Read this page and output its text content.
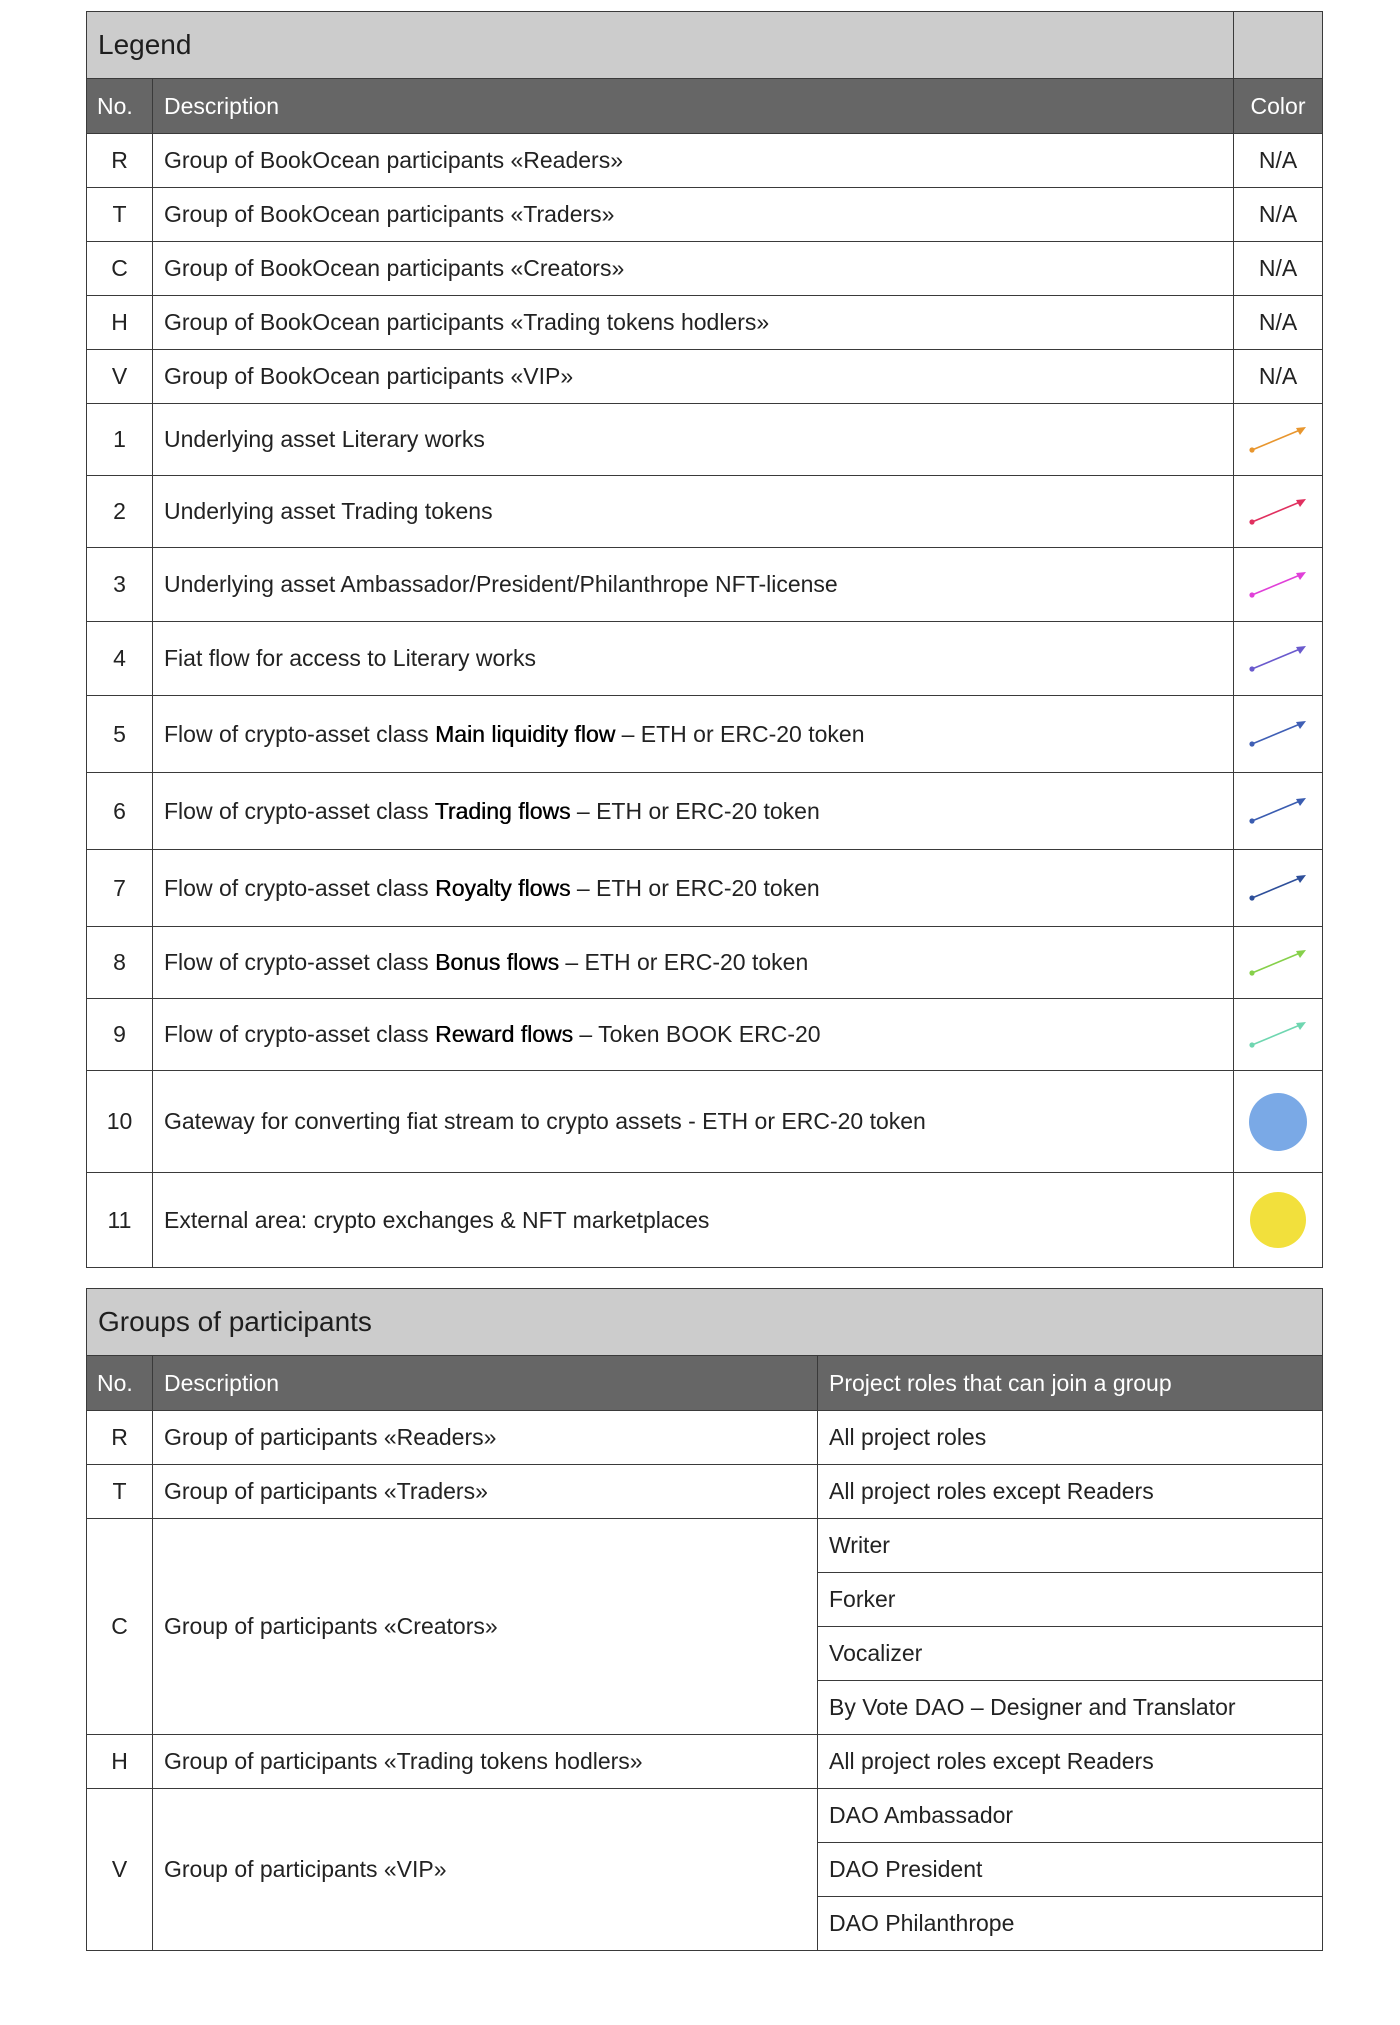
Legend		
No.	Description	Color
R	Group of BookOcean participants «Readers»	N/A
T	Group of BookOcean participants «Traders»	N/A
C	Group of BookOcean participants «Creators»	N/A
H	Group of BookOcean participants «Trading tokens hodlers»	N/A
V	Group of BookOcean participants «VIP»	N/A
1	Underlying asset Literary works	

2	Underlying asset Trading tokens	

3	Underlying asset Ambassador/President/Philanthrope NFT-license	

4	Fiat flow for access to Literary works	

5	Flow of crypto-asset class Main liquidity flow – ETH or ERC-20 token	

6	Flow of crypto-asset class Trading flows – ETH or ERC-20 token	

7	Flow of crypto-asset class Royalty flows – ETH or ERC-20 token	

8	Flow of crypto-asset class Bonus flows – ETH or ERC-20 token	

9	Flow of crypto-asset class Reward flows – Token BOOK ERC-20	

10	Gateway for converting fiat stream to crypto assets - ETH or ERC-20 token	

11	External area: crypto exchanges & NFT marketplaces	
Groups of participants		
No.	Description	Project roles that can join a group
R	Group of participants «Readers»	All project roles
T	Group of participants «Traders»	All project roles except Readers
C	Group of participants «Creators»	Writer
		Forker
		Vocalizer
		By Vote DAO – Designer and Translator
H	Group of participants «Trading tokens hodlers»	All project roles except Readers
V	Group of participants «VIP»	DAO Ambassador
		DAO President
		DAO Philanthrope
